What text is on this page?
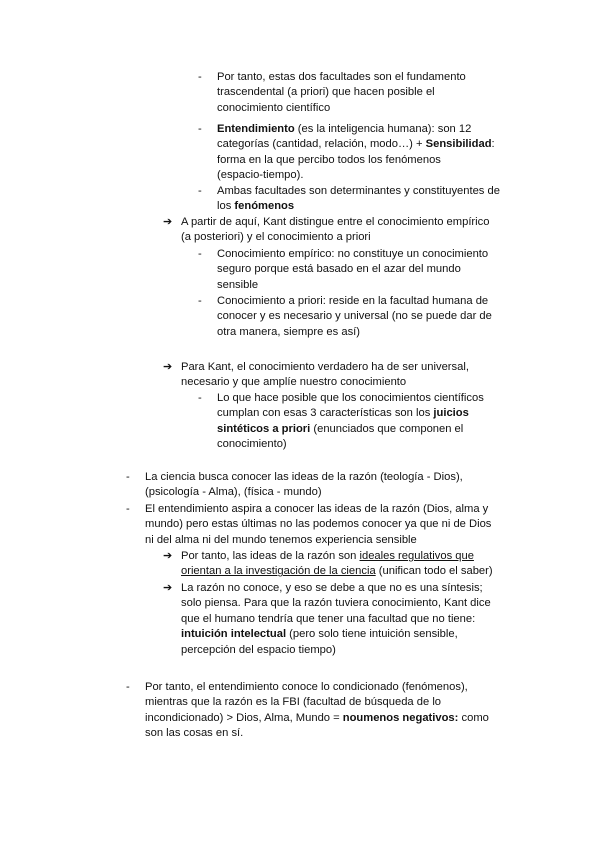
- Por tanto, estas dos facultades son el fundamento
trascendental (a priori) que hacen posible el
conocimiento científico
- Entendimiento (es la inteligencia humana): son 12
categorías (cantidad, relación, modo…) + Sensibilidad:
forma en la que percibo todos los fenómenos
(espacio-tiempo).
- Ambas facultades son determinantes y constituyentes de
los fenómenos
➔ A partir de aquí, Kant distingue entre el conocimiento empírico
(a posteriori) y el conocimiento a priori
- Conocimiento empírico: no constituye un conocimiento
seguro porque está basado en el azar del mundo
sensible
- Conocimiento a priori: reside en la facultad humana de
conocer y es necesario y universal (no se puede dar de
otra manera, siempre es así)
➔ Para Kant, el conocimiento verdadero ha de ser universal,
necesario y que amplíe nuestro conocimiento
- Lo que hace posible que los conocimientos científicos
cumplan con esas 3 características son los juicios
sintéticos a priori (enunciados que componen el
conocimiento)
- La ciencia busca conocer las ideas de la razón (teología - Dios),
(psicología - Alma), (física - mundo)
- El entendimiento aspira a conocer las ideas de la razón (Dios, alma y
mundo) pero estas últimas no las podemos conocer ya que ni de Dios
ni del alma ni del mundo tenemos experiencia sensible
➔ Por tanto, las ideas de la razón son ideales regulativos que
orientan a la investigación de la ciencia (unifican todo el saber)
➔ La razón no conoce, y eso se debe a que no es una síntesis;
solo piensa. Para que la razón tuviera conocimiento, Kant dice
que el humano tendría que tener una facultad que no tiene:
intuición intelectual (pero solo tiene intuición sensible,
percepción del espacio tiempo)
- Por tanto, el entendimiento conoce lo condicionado (fenómenos),
mientras que la razón es la FBI (facultad de búsqueda de lo
incondicionado) > Dios, Alma, Mundo = noumenos negativos: como
son las cosas en sí.
